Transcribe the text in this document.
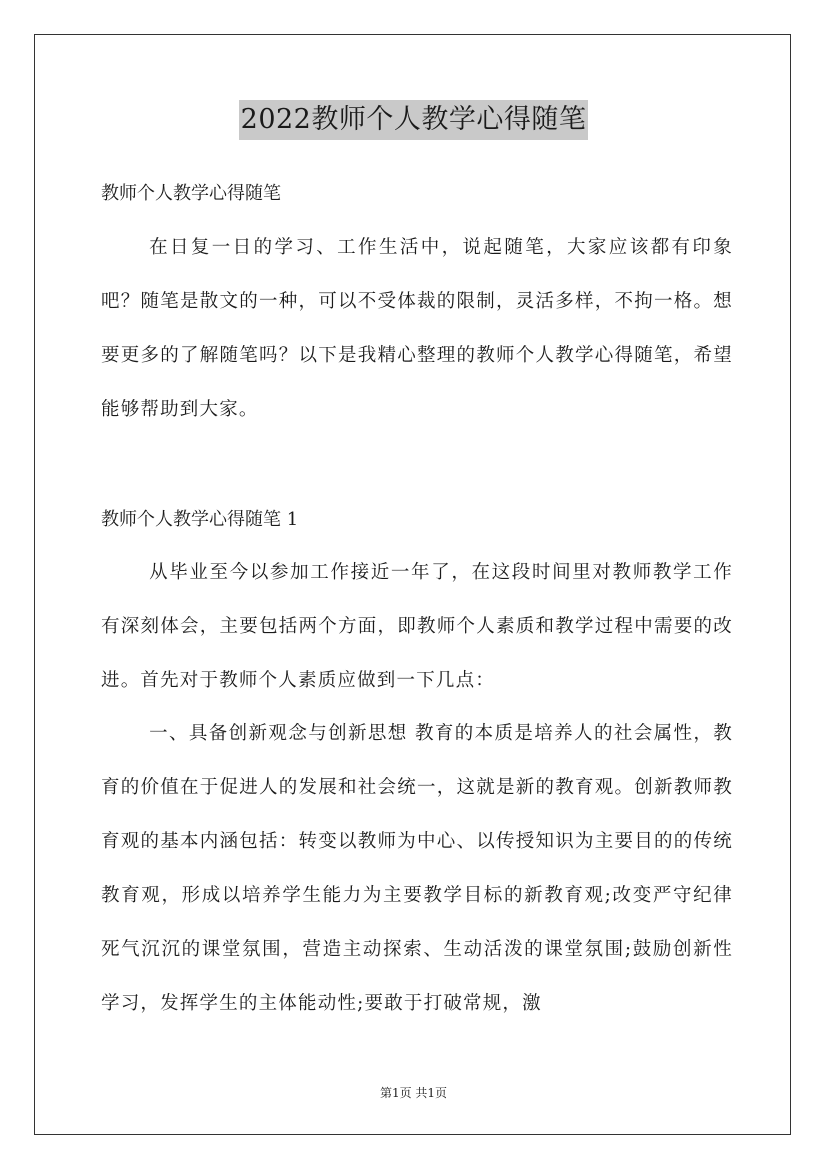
2022教师个人教学心得随笔
教师个人教学心得随笔
在日复一日的学习、工作生活中，说起随笔，大家应该都有印象吧？随笔是散文的一种，可以不受体裁的限制，灵活多样，不拘一格。想要更多的了解随笔吗？以下是我精心整理的教师个人教学心得随笔，希望能够帮助到大家。
教师个人教学心得随笔 1
从毕业至今以参加工作接近一年了，在这段时间里对教师教学工作有深刻体会，主要包括两个方面，即教师个人素质和教学过程中需要的改进。首先对于教师个人素质应做到一下几点：
一、具备创新观念与创新思想 教育的本质是培养人的社会属性，教育的价值在于促进人的发展和社会统一，这就是新的教育观。创新教师教育观的基本内涵包括：转变以教师为中心、以传授知识为主要目的的传统教育观，形成以培养学生能力为主要教学目标的新教育观;改变严守纪律死气沉沉的课堂氛围，营造主动探索、生动活泼的课堂氛围;鼓励创新性学习，发挥学生的主体能动性;要敢于打破常规，激
第1页 共1页
